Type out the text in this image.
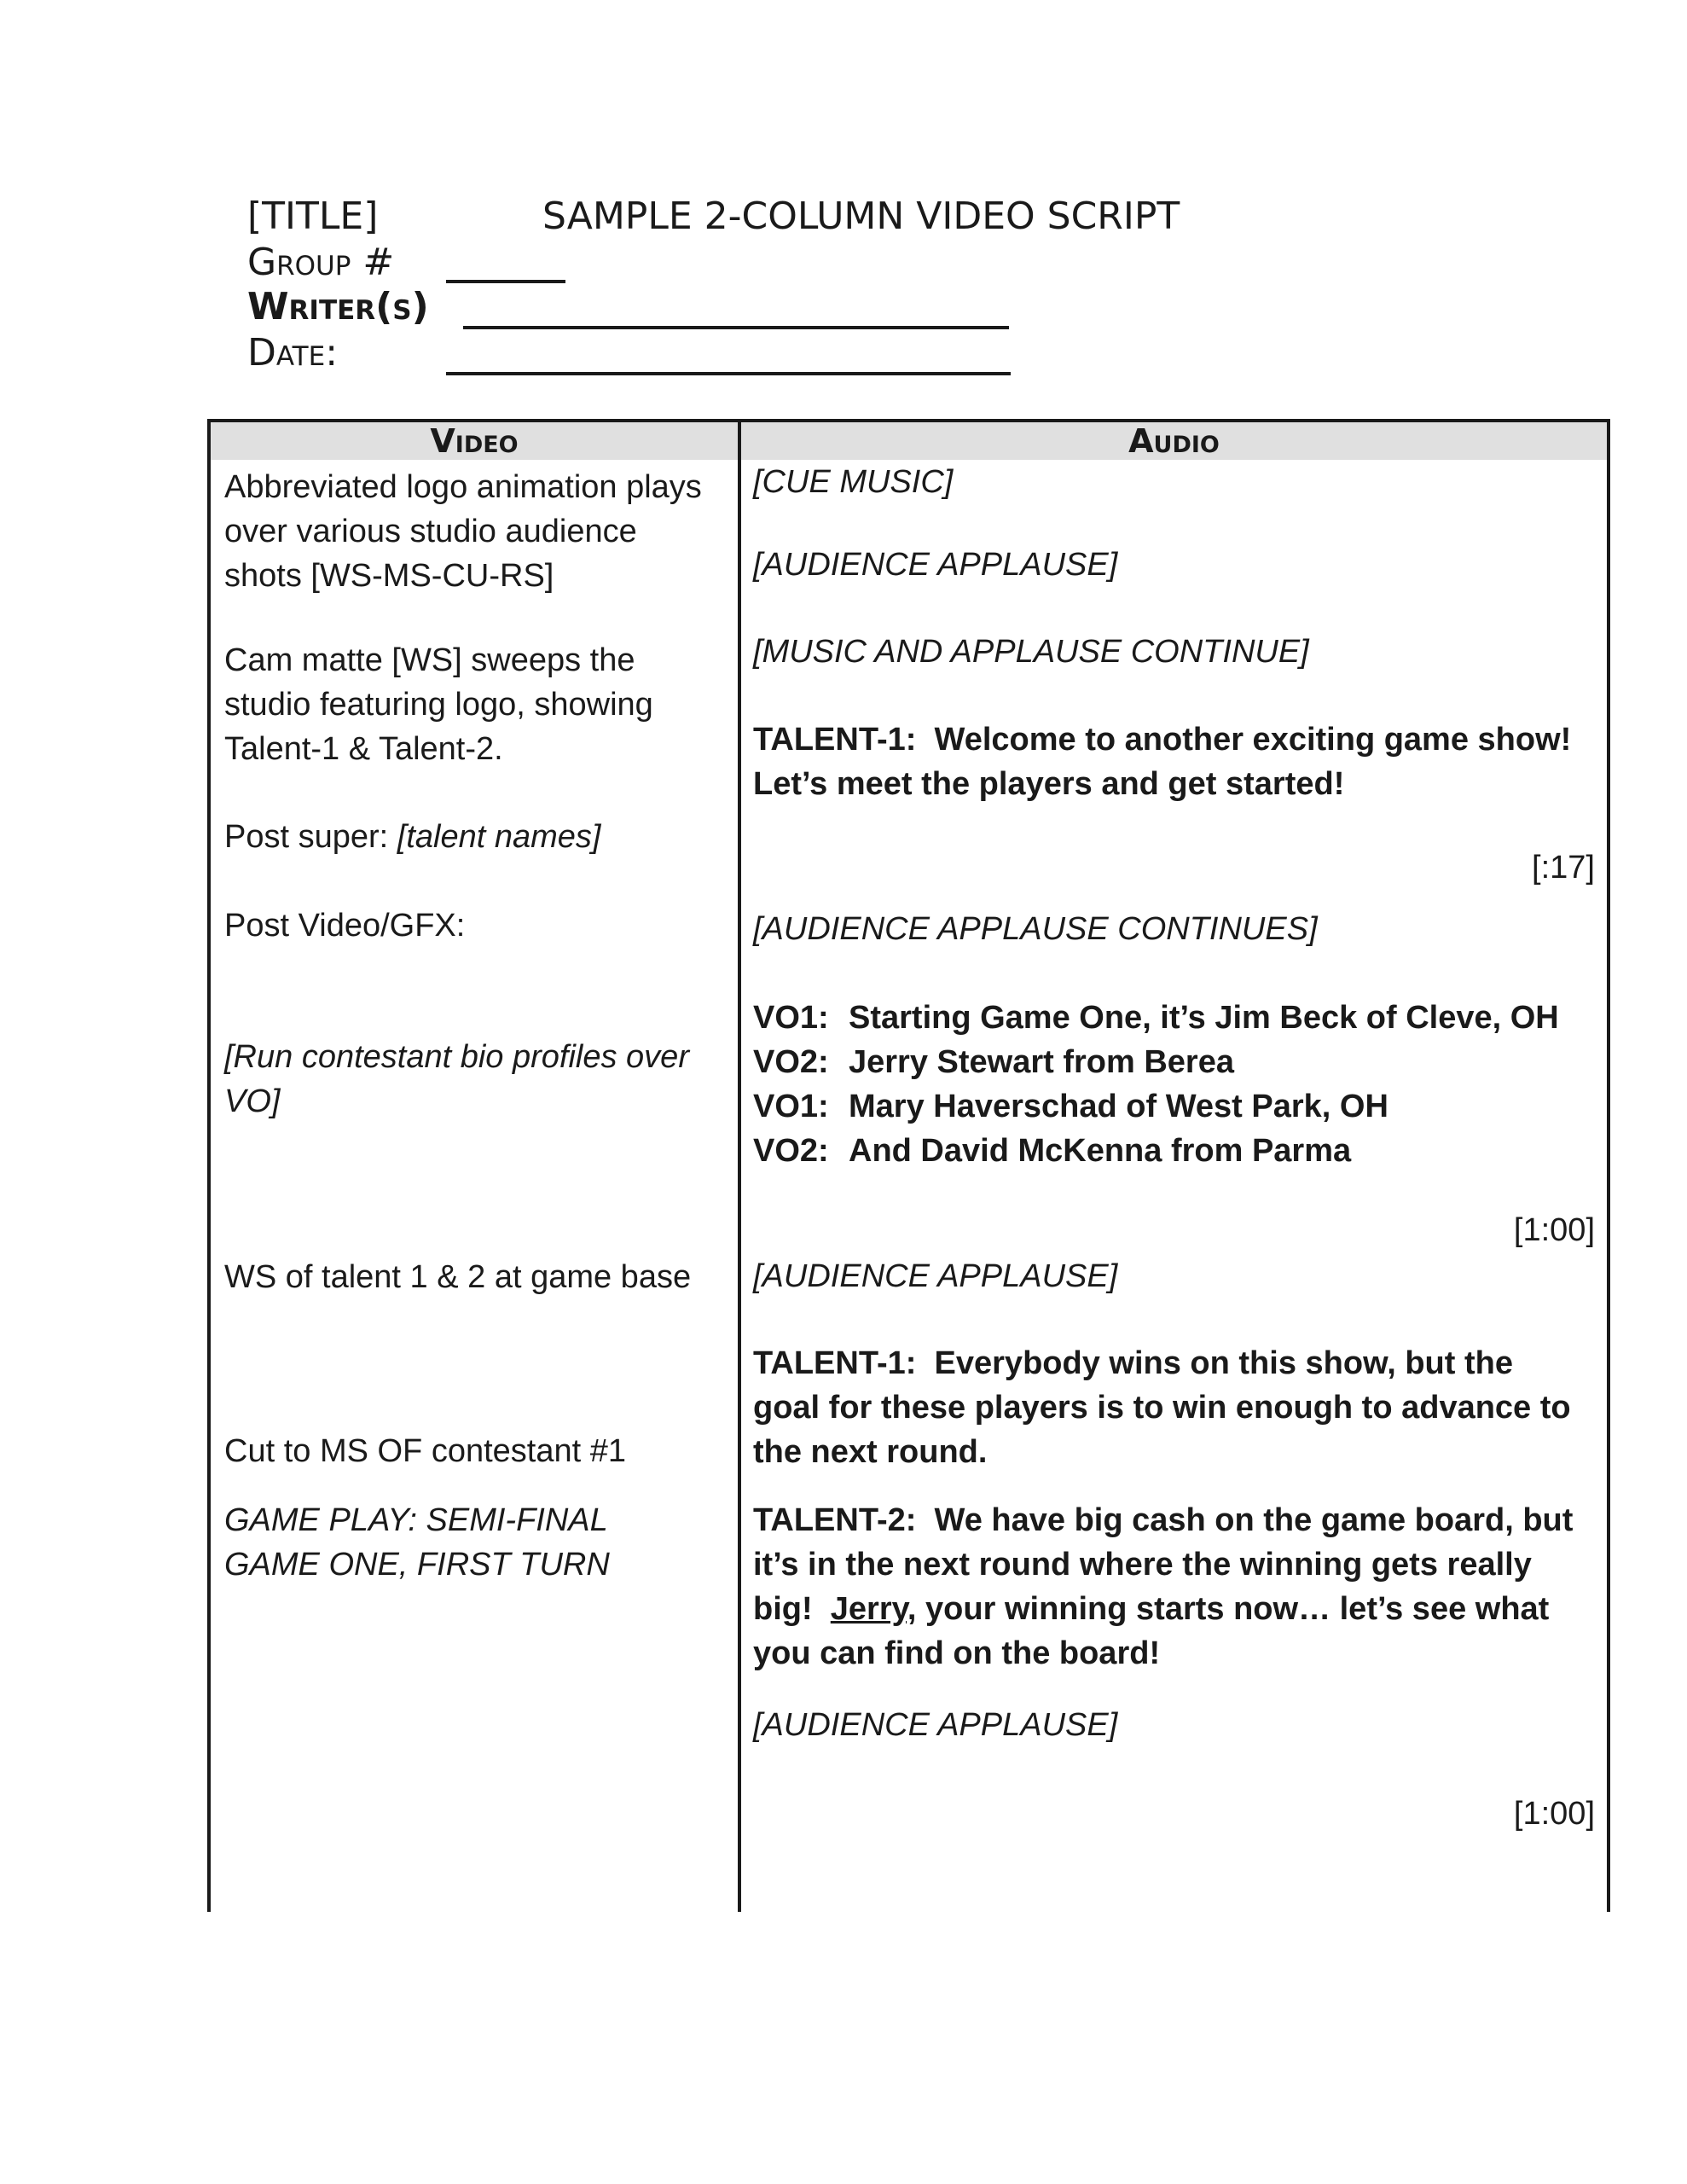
[TITLE]	SAMPLE 2-COLUMN VIDEO SCRIPT
Group #
Writer(s)
Date:
Video	Audio
Abbreviated logo animation plays
over various studio audience
shots [WS-MS-CU-RS]
Cam matte [WS] sweeps the
studio featuring logo, showing
Talent-1 & Talent-2.
Post super: [talent names]
Post Video/GFX:
[Run contestant bio profiles over
VO]
WS of talent 1 & 2 at game base
Cut to MS OF contestant #1
GAME PLAY: SEMI-FINAL
GAME ONE, FIRST TURN
[CUE MUSIC]
[AUDIENCE APPLAUSE]
[MUSIC AND APPLAUSE CONTINUE]
TALENT-1: Welcome to another exciting game show!
Let’s meet the players and get started!
[:17]
[AUDIENCE APPLAUSE CONTINUES]
VO1: Starting Game One, it’s Jim Beck of Cleve, OH
VO2: Jerry Stewart from Berea
VO1: Mary Haverschad of West Park, OH
VO2: And David McKenna from Parma
[1:00]
[AUDIENCE APPLAUSE]
TALENT-1: Everybody wins on this show, but the
goal for these players is to win enough to advance to
the next round.
TALENT-2: We have big cash on the game board, but
it’s in the next round where the winning gets really
big! Jerry, your winning starts now… let’s see what
you can find on the board!
[AUDIENCE APPLAUSE]
[1:00]
